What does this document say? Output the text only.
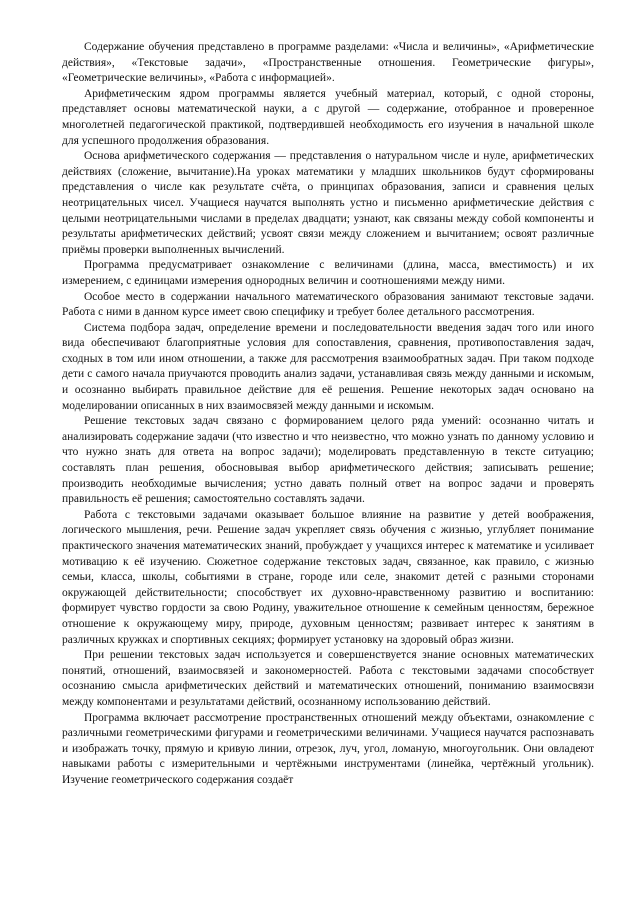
Содержание обучения представлено в программе разделами: «Числа и величины», «Арифметические действия», «Текстовые задачи», «Пространственные отношения. Геометрические фигуры», «Геометрические величины», «Работа с информацией».

Арифметическим ядром программы является учебный материал, который, с одной стороны, представляет основы математической науки, а с другой — содержание, отобранное и проверенное многолетней педагогической практикой, подтвердившей необходимость его изучения в начальной школе для успешного продолжения образования.

Основа арифметического содержания — представления о натуральном числе и нуле, арифметических действиях (сложение, вычитание).На уроках математики у младших школьников будут сформированы представления о числе как результате счёта, о принципах образования, записи и сравнения целых неотрицательных чисел. Учащиеся научатся выполнять устно и письменно арифметические действия с целыми неотрицательными числами в пределах двадцати; узнают, как связаны между собой компоненты и результаты арифметических действий; усвоят связи между сложением и вычитанием; освоят различные приёмы проверки выполненных вычислений.

Программа предусматривает ознакомление с величинами (длина, масса, вместимость) и их измерением, с единицами измерения однородных величин и соотношениями между ними.

Особое место в содержании начального математического образования занимают текстовые задачи. Работа с ними в данном курсе имеет свою специфику и требует более детального рассмотрения.

Система подбора задач, определение времени и последовательности введения задач того или иного вида обеспечивают благоприятные условия для сопоставления, сравнения, противопоставления задач, сходных в том или ином отношении, а также для рассмотрения взаимообратных задач. При таком подходе дети с самого начала приучаются проводить анализ задачи, устанавливая связь между данными и искомым, и осознанно выбирать правильное действие для её решения. Решение некоторых задач основано на моделировании описанных в них взаимосвязей между данными и искомым.

Решение текстовых задач связано с формированием целого ряда умений: осознанно читать и анализировать содержание задачи (что известно и что неизвестно, что можно узнать по данному условию и что нужно знать для ответа на вопрос задачи); моделировать представленную в тексте ситуацию; составлять план решения, обосновывая выбор арифметического действия; записывать решение; производить необходимые вычисления; устно давать полный ответ на вопрос задачи и проверять правильность её решения; самостоятельно составлять задачи.

Работа с текстовыми задачами оказывает большое влияние на развитие у детей воображения, логического мышления, речи. Решение задач укрепляет связь обучения с жизнью, углубляет понимание практического значения математических знаний, пробуждает у учащихся интерес к математике и усиливает мотивацию к её изучению. Сюжетное содержание текстовых задач, связанное, как правило, с жизнью семьи, класса, школы, событиями в стране, городе или селе, знакомит детей с разными сторонами окружающей действительности; способствует их духовно-нравственному развитию и воспитанию: формирует чувство гордости за свою Родину, уважительное отношение к семейным ценностям, бережное отношение к окружающему миру, природе, духовным ценностям; развивает интерес к занятиям в различных кружках и спортивных секциях; формирует установку на здоровый образ жизни.

При решении текстовых задач используется и совершенствуется знание основных математических понятий, отношений, взаимосвязей и закономерностей. Работа с текстовыми задачами способствует осознанию смысла арифметических действий и математических отношений, пониманию взаимосвязи между компонентами и результатами действий, осознанному использованию действий.

Программа включает рассмотрение пространственных отношений между объектами, ознакомление с различными геометрическими фигурами и геометрическими величинами. Учащиеся научатся распознавать и изображать точку, прямую и кривую линии, отрезок, луч, угол, ломаную, многоугольник. Они овладеют навыками работы с измерительными и чертёжными инструментами (линейка, чертёжный угольник). Изучение геометрического содержания создаёт
